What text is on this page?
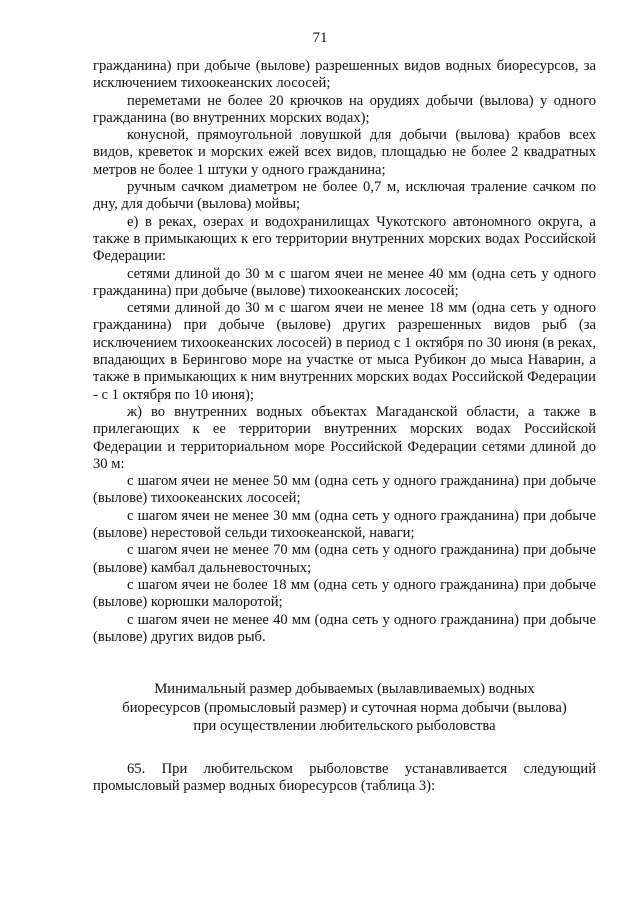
71

гражданина) при добыче (вылове) разрешенных видов водных биоресурсов, за исключением тихоокеанских лососей;

переметами не более 20 крючков на орудиях добычи (вылова) у одного гражданина (во внутренних морских водах);

конусной, прямоугольной ловушкой для добычи (вылова) крабов всех видов, креветок и морских ежей всех видов, площадью не более 2 квадратных метров не более 1 штуки у одного гражданина;

ручным сачком диаметром не более 0,7 м, исключая траление сачком по дну, для добычи (вылова) мойвы;

е) в реках, озерах и водохранилищах Чукотского автономного округа, а также в примыкающих к его территории внутренних морских водах Российской Федерации:

сетями длиной до 30 м с шагом ячеи не менее 40 мм (одна сеть у одного гражданина) при добыче (вылове) тихоокеанских лососей;

сетями длиной до 30 м с шагом ячеи не менее 18 мм (одна сеть у одного гражданина) при добыче (вылове) других разрешенных видов рыб (за исключением тихоокеанских лососей) в период с 1 октября по 30 июня (в реках, впадающих в Берингово море на участке от мыса Рубикон до мыса Наварин, а также в примыкающих к ним внутренних морских водах Российской Федерации - с 1 октября по 10 июня);

ж) во внутренних водных объектах Магаданской области, а также в прилегающих к ее территории внутренних морских водах Российской Федерации и территориальном море Российской Федерации сетями длиной до 30 м:

с шагом ячеи не менее 50 мм (одна сеть у одного гражданина) при добыче (вылове) тихоокеанских лососей;

с шагом ячеи не менее 30 мм (одна сеть у одного гражданина) при добыче (вылове) нерестовой сельди тихоокеанской, наваги;

с шагом ячеи не менее 70 мм (одна сеть у одного гражданина) при добыче (вылове) камбал дальневосточных;

с шагом ячеи не более 18 мм (одна сеть у одного гражданина) при добыче (вылове) корюшки малоротой;

с шагом ячеи не менее 40 мм (одна сеть у одного гражданина) при добыче (вылове) других видов рыб.

Минимальный размер добываемых (вылавливаемых) водных
биоресурсов (промысловый размер) и суточная норма добычи (вылова)
при осуществлении любительского рыболовства

65. При любительском рыболовстве устанавливается следующий промысловый размер водных биоресурсов (таблица 3):
